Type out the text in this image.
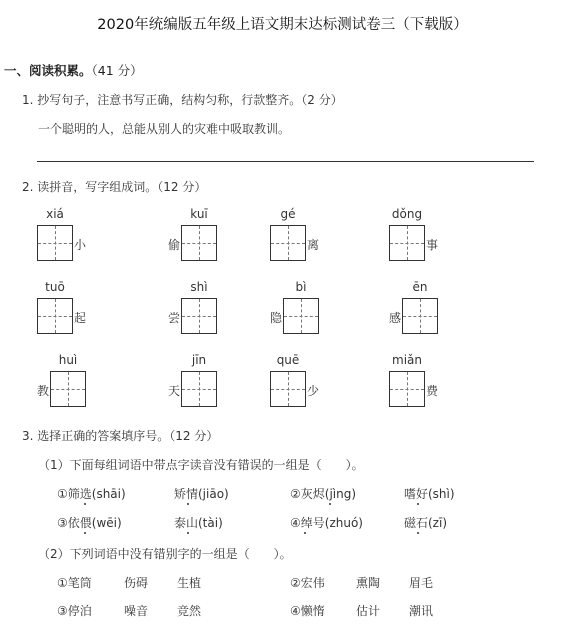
2020年统编版五年级上语文期末达标测试卷三（下载版）
一、阅读积累。（41 分）
1. 抄写句子，注意书写正确，结构匀称，行款整齐。（2 分）
一个聪明的人，总能从别人的灾难中吸取教训。
2. 读拼音，写字组成词。（12 分）
xiá
小
kuī
偷
gé
离
dǒng
事
tuō
起
shì
尝
bì
隐
ēn
感
huì
教
jīn
天
quē
少
miǎn
费
3. 选择正确的答案填序号。（12 分）
（1）下面每组词语中带点字读音没有错误的一组是（　　）。
①筛选(shāi)	矫情(jiāo)	②灰烬(jìng)	嗜好(shì)
③依偎(wēi)	泰山(tài)	④绰号(zhuó)	磁石(zī)
（2）下列词语中没有错别字的一组是（　　）。
①笔筒	伤碍 生植	②宏伟	熏陶 眉毛
③停泊	噪音 竞然	④懒惰	估计 潮讯
